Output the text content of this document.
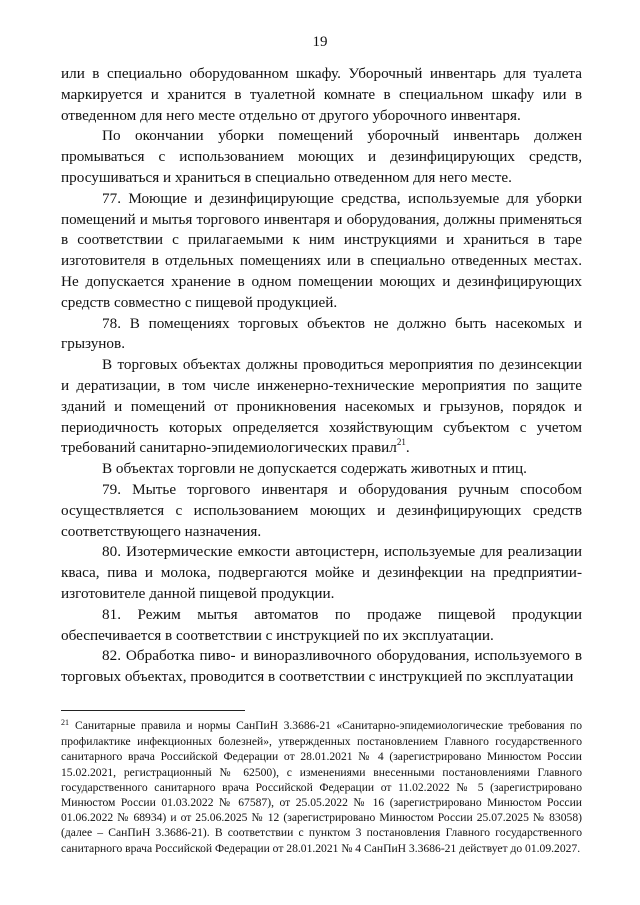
19

или в специально оборудованном шкафу. Уборочный инвентарь для туалета маркируется и хранится в туалетной комнате в специальном шкафу или в отведенном для него месте отдельно от другого уборочного инвентаря.

По окончании уборки помещений уборочный инвентарь должен промываться с использованием моющих и дезинфицирующих средств, просушиваться и храниться в специально отведенном для него месте.

77. Моющие и дезинфицирующие средства, используемые для уборки помещений и мытья торгового инвентаря и оборудования, должны применяться в соответствии с прилагаемыми к ним инструкциями и храниться в таре изготовителя в отдельных помещениях или в специально отведенных местах. Не допускается хранение в одном помещении моющих и дезинфицирующих средств совместно с пищевой продукцией.

78. В помещениях торговых объектов не должно быть насекомых и грызунов.

В торговых объектах должны проводиться мероприятия по дезинсекции и дератизации, в том числе инженерно-технические мероприятия по защите зданий и помещений от проникновения насекомых и грызунов, порядок и периодичность которых определяется хозяйствующим субъектом с учетом требований санитарно-эпидемиологических правил$^{21}$.

В объектах торговли не допускается содержать животных и птиц.

79. Мытье торгового инвентаря и оборудования ручным способом осуществляется с использованием моющих и дезинфицирующих средств соответствующего назначения.

80. Изотермические емкости автоцистерн, используемые для реализации кваса, пива и молока, подвергаются мойке и дезинфекции на предприятии-изготовителе данной пищевой продукции.

81. Режим мытья автоматов по продаже пищевой продукции обеспечивается в соответствии с инструкцией по их эксплуатации.

82. Обработка пиво- и виноразливочного оборудования, используемого в торговых объектах, проводится в соответствии с инструкцией по эксплуатации

$^{21}$ Санитарные правила и нормы СанПиН 3.3686-21 «Санитарно-эпидемиологические требования по профилактике инфекционных болезней», утвержденных постановлением Главного государственного санитарного врача Российской Федерации от 28.01.2021 № 4 (зарегистрировано Минюстом России 15.02.2021, регистрационный № 62500), с изменениями внесенными постановлениями Главного государственного санитарного врача Российской Федерации от 11.02.2022 № 5 (зарегистрировано Минюстом России 01.03.2022 № 67587), от 25.05.2022 № 16 (зарегистрировано Минюстом России 01.06.2022 № 68934) и от 25.06.2025 № 12 (зарегистрировано Минюстом России 25.07.2025 № 83058) (далее – СанПиН 3.3686-21). В соответствии с пунктом 3 постановления Главного государственного санитарного врача Российской Федерации от 28.01.2021 № 4 СанПиН 3.3686-21 действует до 01.09.2027.
